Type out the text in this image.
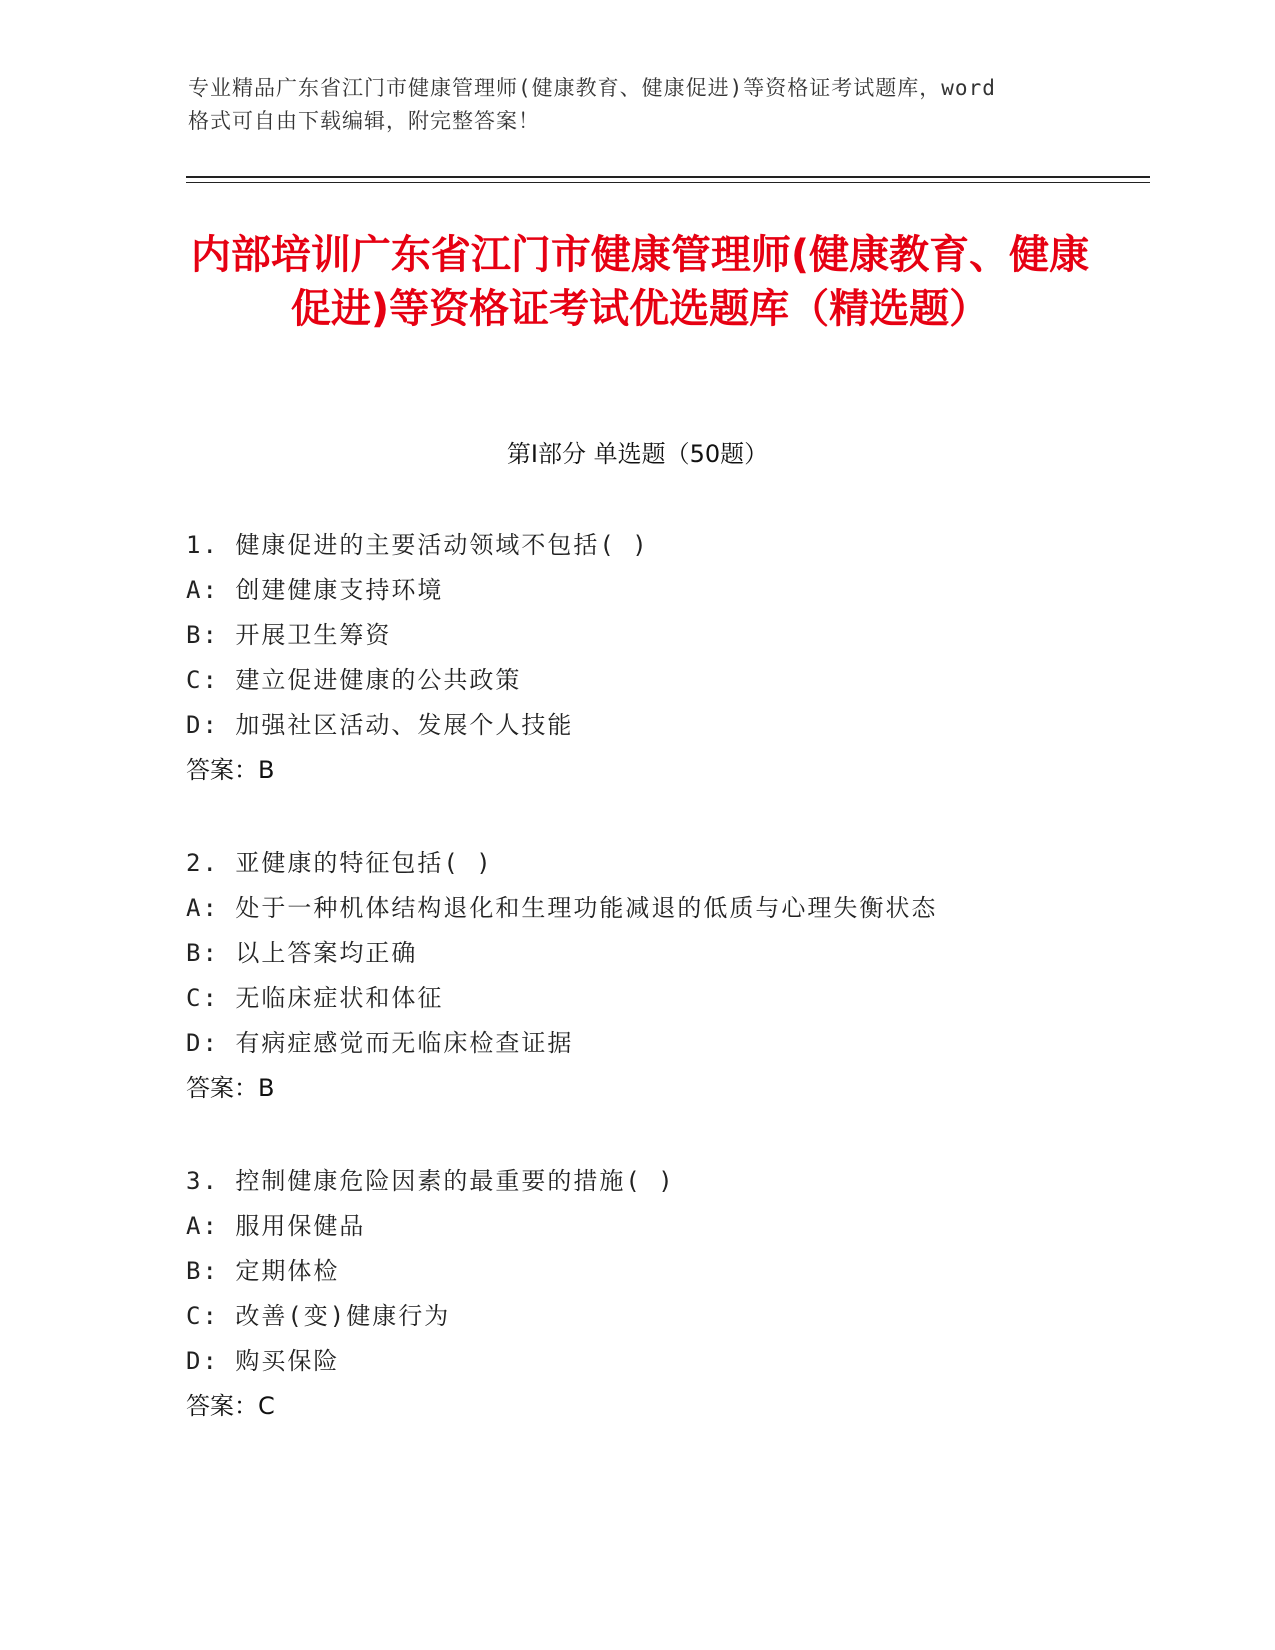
专业精品广东省江门市健康管理师(健康教育、健康促进)等资格证考试题库，word
格式可自由下载编辑，附完整答案！
内部培训广东省江门市健康管理师(健康教育、健康促进)等资格证考试优选题库（精选题）
第Ⅰ部分 单选题（50题）
1. 健康促进的主要活动领域不包括( )
A: 创建健康支持环境
B: 开展卫生筹资
C: 建立促进健康的公共政策
D: 加强社区活动、发展个人技能
答案：B
2. 亚健康的特征包括( )
A: 处于一种机体结构退化和生理功能减退的低质与心理失衡状态
B: 以上答案均正确
C: 无临床症状和体征
D: 有病症感觉而无临床检查证据
答案：B
3. 控制健康危险因素的最重要的措施( )
A: 服用保健品
B: 定期体检
C: 改善(变)健康行为
D: 购买保险
答案：C
